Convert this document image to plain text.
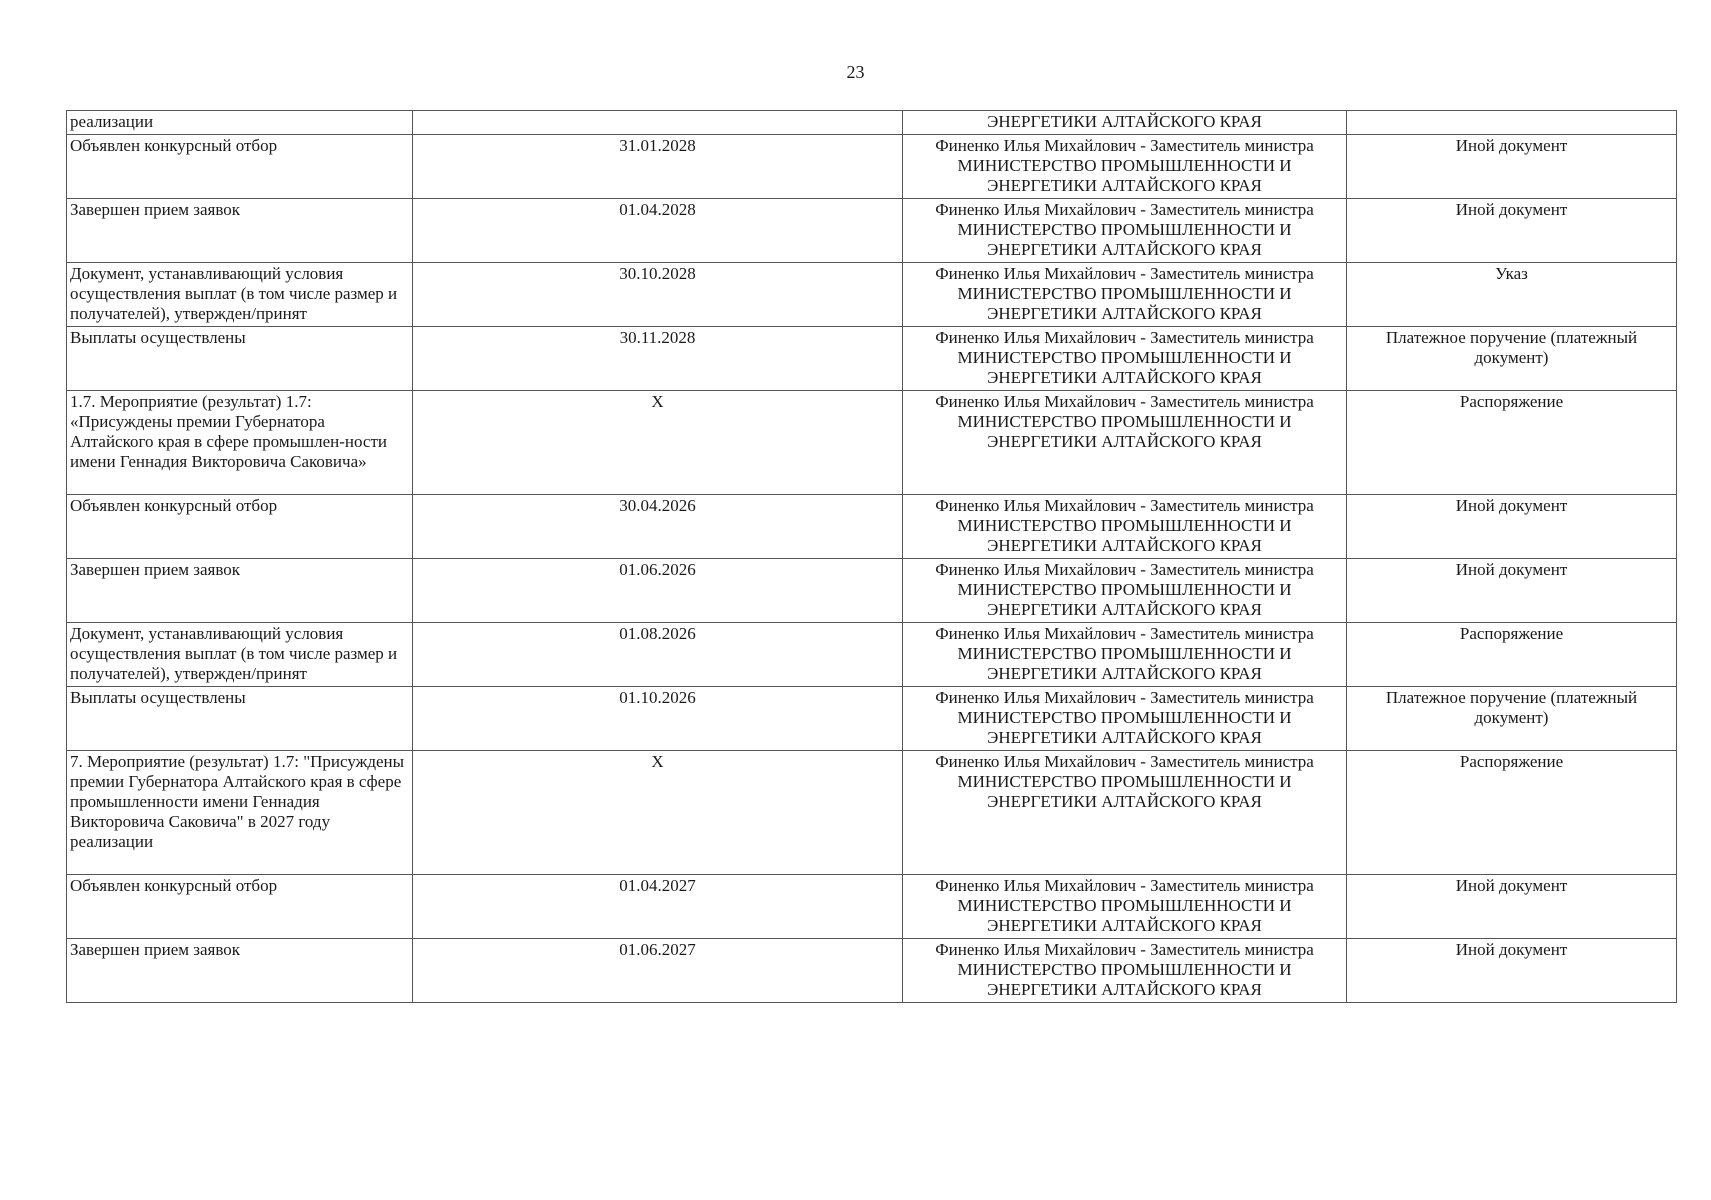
23
реализации		ЭНЕРГЕТИКИ АЛТАЙСКОГО КРАЯ	
Объявлен конкурсный отбор	31.01.2028	Финенко Илья Михайлович - Заместитель министра МИНИСТЕРСТВО ПРОМЫШЛЕННОСТИ И ЭНЕРГЕТИКИ АЛТАЙСКОГО КРАЯ	Иной документ
Завершен прием заявок	01.04.2028	Финенко Илья Михайлович - Заместитель министра МИНИСТЕРСТВО ПРОМЫШЛЕННОСТИ И ЭНЕРГЕТИКИ АЛТАЙСКОГО КРАЯ	Иной документ
Документ, устанавливающий условия осуществления выплат (в том числе размер и получателей), утвержден/принят	30.10.2028	Финенко Илья Михайлович - Заместитель министра МИНИСТЕРСТВО ПРОМЫШЛЕННОСТИ И ЭНЕРГЕТИКИ АЛТАЙСКОГО КРАЯ	Указ
Выплаты осуществлены	30.11.2028	Финенко Илья Михайлович - Заместитель министра МИНИСТЕРСТВО ПРОМЫШЛЕННОСТИ И ЭНЕРГЕТИКИ АЛТАЙСКОГО КРАЯ	Платежное поручение (платежный документ)
1.7. Мероприятие (результат) 1.7: «Присуждены премии Губернатора Алтайского края в сфере промышлен-ности имени Геннадия Викторовича Саковича»	X	Финенко Илья Михайлович - Заместитель министра МИНИСТЕРСТВО ПРОМЫШЛЕННОСТИ И ЭНЕРГЕТИКИ АЛТАЙСКОГО КРАЯ	Распоряжение
Объявлен конкурсный отбор	30.04.2026	Финенко Илья Михайлович - Заместитель министра МИНИСТЕРСТВО ПРОМЫШЛЕННОСТИ И ЭНЕРГЕТИКИ АЛТАЙСКОГО КРАЯ	Иной документ
Завершен прием заявок	01.06.2026	Финенко Илья Михайлович - Заместитель министра МИНИСТЕРСТВО ПРОМЫШЛЕННОСТИ И ЭНЕРГЕТИКИ АЛТАЙСКОГО КРАЯ	Иной документ
Документ, устанавливающий условия осуществления выплат (в том числе размер и получателей), утвержден/принят	01.08.2026	Финенко Илья Михайлович - Заместитель министра МИНИСТЕРСТВО ПРОМЫШЛЕННОСТИ И ЭНЕРГЕТИКИ АЛТАЙСКОГО КРАЯ	Распоряжение
Выплаты осуществлены	01.10.2026	Финенко Илья Михайлович - Заместитель министра МИНИСТЕРСТВО ПРОМЫШЛЕННОСТИ И ЭНЕРГЕТИКИ АЛТАЙСКОГО КРАЯ	Платежное поручение (платежный документ)
7. Мероприятие (результат) 1.7: "Присуждены премии Губернатора Алтайского края в сфере промышленности имени Геннадия Викторовича Саковича" в 2027 году реализации	X	Финенко Илья Михайлович - Заместитель министра МИНИСТЕРСТВО ПРОМЫШЛЕННОСТИ И ЭНЕРГЕТИКИ АЛТАЙСКОГО КРАЯ	Распоряжение
Объявлен конкурсный отбор	01.04.2027	Финенко Илья Михайлович - Заместитель министра МИНИСТЕРСТВО ПРОМЫШЛЕННОСТИ И ЭНЕРГЕТИКИ АЛТАЙСКОГО КРАЯ	Иной документ
Завершен прием заявок	01.06.2027	Финенко Илья Михайлович - Заместитель министра МИНИСТЕРСТВО ПРОМЫШЛЕННОСТИ И ЭНЕРГЕТИКИ АЛТАЙСКОГО КРАЯ	Иной документ
